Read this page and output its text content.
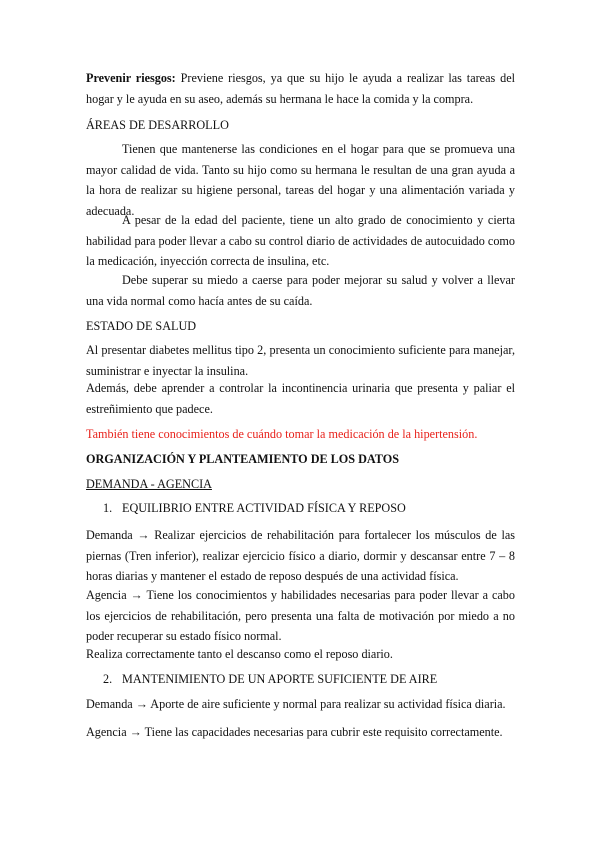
Prevenir riesgos: Previene riesgos, ya que su hijo le ayuda a realizar las tareas del hogar y le ayuda en su aseo, además su hermana le hace la comida y la compra.

ÁREAS DE DESARROLLO

Tienen que mantenerse las condiciones en el hogar para que se promueva una mayor calidad de vida. Tanto su hijo como su hermana le resultan de una gran ayuda a la hora de realizar su higiene personal, tareas del hogar y una alimentación variada y adecuada.

A pesar de la edad del paciente, tiene un alto grado de conocimiento y cierta habilidad para poder llevar a cabo su control diario de actividades de autocuidado como la medicación, inyección correcta de insulina, etc.

Debe superar su miedo a caerse para poder mejorar su salud y volver a llevar una vida normal como hacía antes de su caída.

ESTADO DE SALUD

Al presentar diabetes mellitus tipo 2, presenta un conocimiento suficiente para manejar, suministrar e inyectar la insulina.

Además, debe aprender a controlar la incontinencia urinaria que presenta y paliar el estreñimiento que padece.

También tiene conocimientos de cuándo tomar la medicación de la hipertensión.

ORGANIZACIÓN Y PLANTEAMIENTO DE LOS DATOS

DEMANDA - AGENCIA

1. EQUILIBRIO ENTRE ACTIVIDAD FÍSICA Y REPOSO

Demanda → Realizar ejercicios de rehabilitación para fortalecer los músculos de las piernas (Tren inferior), realizar ejercicio físico a diario, dormir y descansar entre 7 – 8 horas diarias y mantener el estado de reposo después de una actividad física.

Agencia → Tiene los conocimientos y habilidades necesarias para poder llevar a cabo los ejercicios de rehabilitación, pero presenta una falta de motivación por miedo a no poder recuperar su estado físico normal.

Realiza correctamente tanto el descanso como el reposo diario.

2. MANTENIMIENTO DE UN APORTE SUFICIENTE DE AIRE

Demanda → Aporte de aire suficiente y normal para realizar su actividad física diaria.

Agencia → Tiene las capacidades necesarias para cubrir este requisito correctamente.
